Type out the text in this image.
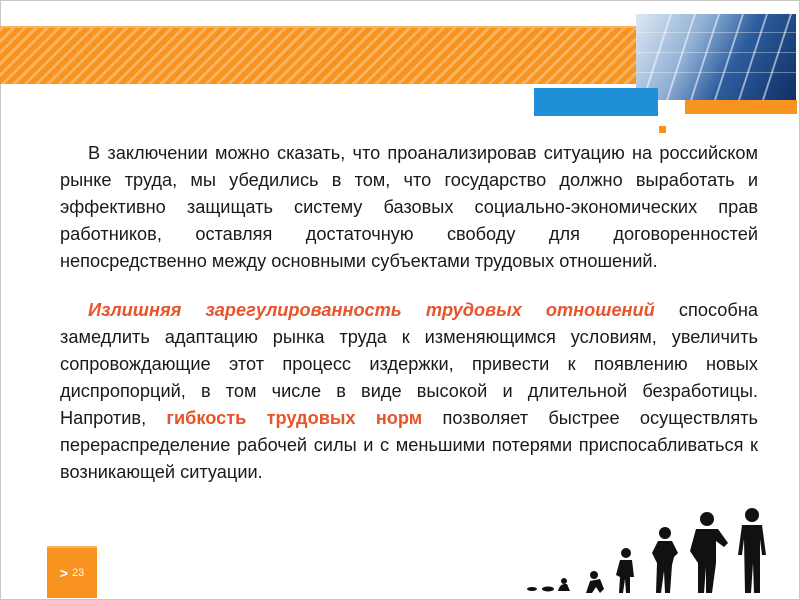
В заключении можно сказать, что проанализировав ситуацию на российском рынке труда, мы убедились в том, что государство должно выработать и эффективно защищать систему базовых социально-экономических прав работников, оставляя достаточную свободу для договоренностей непосредственно между основными субъектами трудовых отношений.

Излишняя зарегулированность трудовых отношений способна замедлить адаптацию рынка труда к изменяющимся условиям, увеличить сопровождающие этот процесс издержки, привести к появлению новых диспропорций, в том числе в виде высокой и длительной безработицы. Напротив, гибкость трудовых норм позволяет быстрее осуществлять перераспределение рабочей силы и с меньшими потерями приспосабливаться к возникающей ситуации.

> 23
